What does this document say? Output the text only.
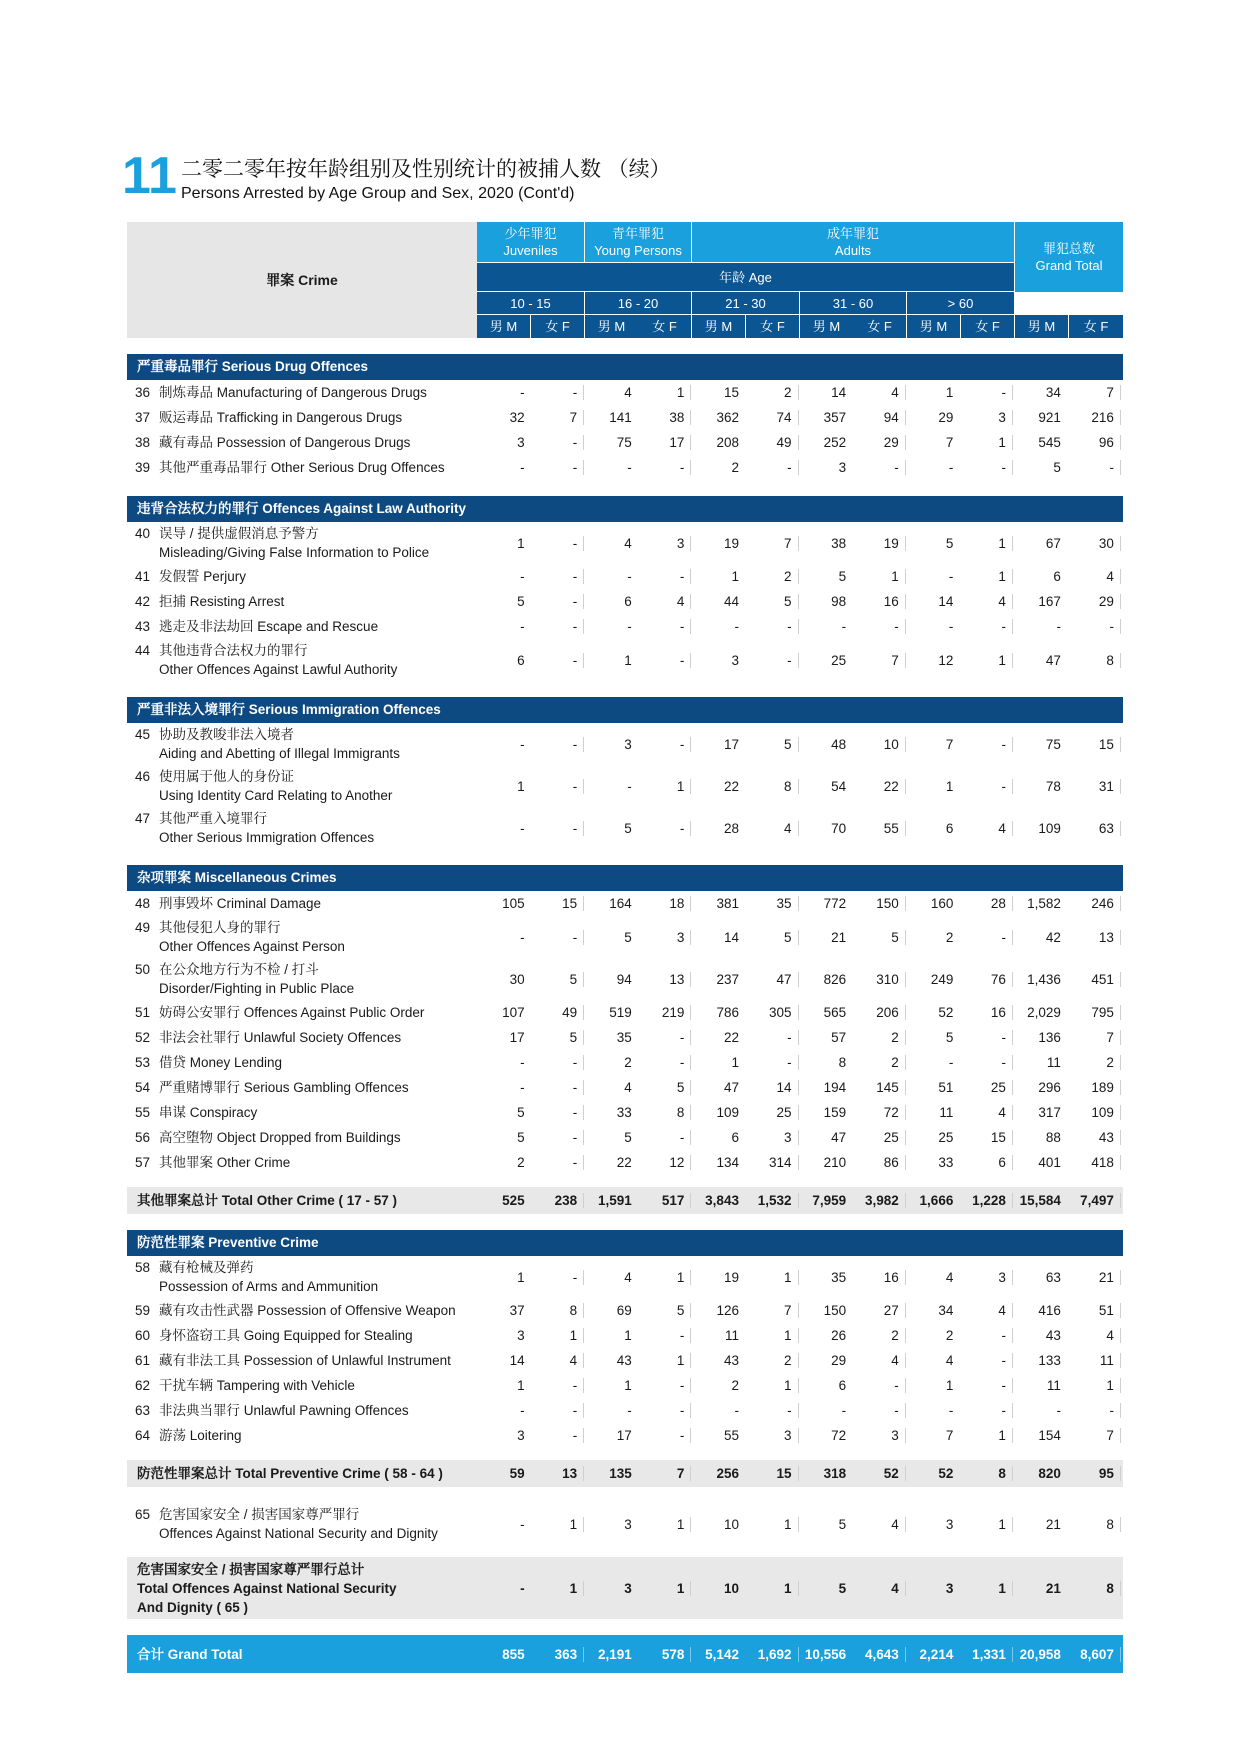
11 二零二零年按年龄组别及性别统计的被捕人数 （续）
Persons Arrested by Age Group and Sex, 2020 (Cont'd)
罪案 Crime
少年罪犯
Juveniles
青年罪犯
Young Persons
成年罪犯
Adults	罪犯总数
Grand Total
年龄 Age
10 - 15	16 - 20	21 - 30	31 - 60	> 60
男 M	女 F	男 M	女 F	男 M	女 F	男 M	女 F	男 M	女 F	男 M	女 F
严重毒品罪行 Serious Drug Offences
36 制炼毒品 Manufacturing of Dangerous Drugs	-	-	4	1	15	2	14	4	1	-	34	7
37 贩运毒品 Trafficking in Dangerous Drugs	32	7	141	38	362	74	357	94	29	3	921	216
38 藏有毒品 Possession of Dangerous Drugs	3	-	75	17	208	49	252	29	7	1	545	96
39 其他严重毒品罪行 Other Serious Drug Offences	-	-	-	-	2	-	3	-	-	-	5	-
违背合法权力的罪行 Offences Against Law Authority
40 误导 / 提供虚假消息予警方
Misleading/Giving False Information to Police
1	-	4	3	19	7	38	19	5	1	67	30
41 发假誓 Perjury	-	-	-	-	1	2	5	1	-	1	6	4
42 拒捕 Resisting Arrest	5	-	6	4	44	5	98	16	14	4	167	29
43 逃走及非法劫回 Escape and Rescue	-	-	-	-	-	-	-	-	-	-	-	-
44 其他违背合法权力的罪行
Other Offences Against Lawful Authority
6	-	1	-	3	-	25	7	12	1	47	8
严重非法入境罪行 Serious Immigration Offences
45 协助及教唆非法入境者
Aiding and Abetting of Illegal Immigrants
-	-	3	-	17	5	48	10	7	-	75	15
46 使用属于他人的身份证
Using Identity Card Relating to Another
1	-	-	1	22	8	54	22	1	-	78	31
47 其他严重入境罪行
Other Serious Immigration Offences
-	-	5	-	28	4	70	55	6	4	109	63
杂项罪案 Miscellaneous Crimes
48 刑事毁坏 Criminal Damage	105	15	164	18	381	35	772	150	160	28	1,582	246
49 其他侵犯人身的罪行
Other Offences Against Person
-	-	5	3	14	5	21	5	2	-	42	13
50 在公众地方行为不检 / 打斗
Disorder/Fighting in Public Place
30	5	94	13	237	47	826	310	249	76	1,436	451
51 妨碍公安罪行 Offences Against Public Order	107	49	519	219	786	305	565	206	52	16	2,029	795
52 非法会社罪行 Unlawful Society Offences	17	5	35	-	22	-	57	2	5	-	136	7
53 借贷 Money Lending	-	-	2	-	1	-	8	2	-	-	11	2
54 严重赌博罪行 Serious Gambling Offences	-	-	4	5	47	14	194	145	51	25	296	189
55 串谋 Conspiracy	5	-	33	8	109	25	159	72	11	4	317	109
56 高空堕物 Object Dropped from Buildings	5	-	5	-	6	3	47	25	25	15	88	43
57 其他罪案 Other Crime	2	-	22	12	134	314	210	86	33	6	401	418
其他罪案总计 Total Other Crime ( 17 - 57 )	525	238	1,591	517	3,843	1,532	7,959	3,982	1,666	1,228	15,584	7,497
防范性罪案 Preventive Crime
58 藏有枪械及弹药
Possession of Arms and Ammunition
1	-	4	1	19	1	35	16	4	3	63	21
59 藏有攻击性武器 Possession of Offensive Weapon	37	8	69	5	126	7	150	27	34	4	416	51
60 身怀盗窃工具 Going Equipped for Stealing	3	1	1	-	11	1	26	2	2	-	43	4
61 藏有非法工具 Possession of Unlawful Instrument	14	4	43	1	43	2	29	4	4	-	133	11
62 干扰车辆 Tampering with Vehicle	1	-	1	-	2	1	6	-	1	-	11	1
63 非法典当罪行 Unlawful Pawning Offences	-	-	-	-	-	-	-	-	-	-	-	-
64 游荡 Loitering	3	-	17	-	55	3	72	3	7	1	154	7
防范性罪案总计 Total Preventive Crime ( 58 - 64 )	59	13	135	7	256	15	318	52	52	8	820	95
65 危害国家安全 / 损害国家尊严罪行
Offences Against National Security and Dignity
-	1	3	1	10	1	5	4	3	1	21	8
危害国家安全 / 损害国家尊严罪行总计
Total Offences Against National Security
And Dignity ( 65 )
-	1	3	1	10	1	5	4	3	1	21	8
合计 Grand Total	855	363	2,191	578	5,142	1,692 10,556	4,643	2,214	1,331	20,958	8,607
